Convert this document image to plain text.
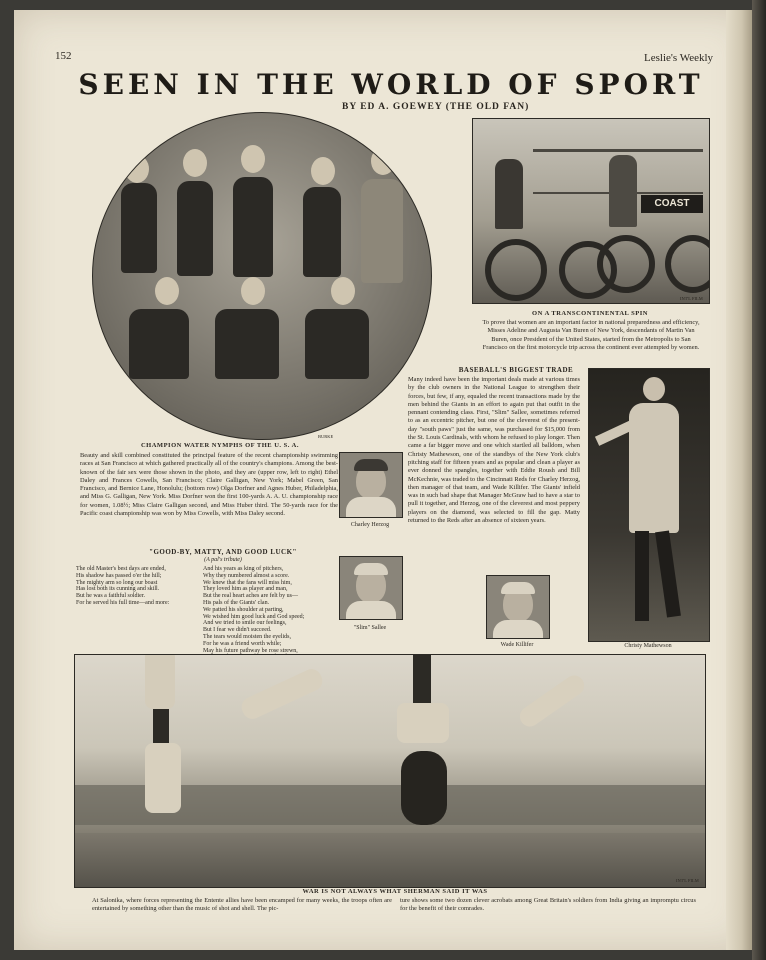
152	Leslie's Weekly
SEEN IN THE WORLD OF SPORT
BY ED A. GOEWEY (THE OLD FAN)
BURKE
CHAMPION WATER NYMPHS OF THE U. S. A.
Beauty and skill combined constituted the principal feature of the recent championship swimming races at San Francisco at which gathered practically all of the country's champions. Among the best-known of the fair sex were those shown in the photo, and they are (upper row, left to right) Ethel Daley and Frances Cowells, San Francisco; Claire Galligan, New York; Mabel Green, San Francisco, and Bernice Lane, Honolulu; (bottom row) Olga Dorfner and Agnes Huber, Philadelphia, and Miss G. Galligan, New York. Miss Dorfner won the first 100-yards A. A. U. championship race for women, 1.08½; Miss Claire Galligan second, and Miss Huber third. The 50-yards race for the Pacific coast championship was won by Miss Cowells, with Miss Daley second.
COAST
INT'L FILM
ON A TRANSCONTINENTAL SPIN
To prove that women are an important factor in national preparedness and efficiency, Misses Adeline and Augusta Van Buren of New York, descendants of Martin Van Buren, once President of the United States, started from the Metropolis to San Francisco on the first motorcycle trip across the continent ever attempted by women.
BASEBALL'S BIGGEST TRADE
Many indeed have been the important deals made at various times by the club owners in the National League to strengthen their forces, but few, if any, equaled the recent transactions made by the men behind the Giants in an effort to again put that outfit in the pennant contending class. First, "Slim" Sallee, sometimes referred to as an eccentric pitcher, but one of the cleverest of the present-day "south paws" just the same, was purchased for $15,000 from the St. Louis Cardinals, with whom he refused to play longer. Then came a far bigger move and one which startled all balldom, when Christy Mathewson, one of the standbys of the New York club's pitching staff for fifteen years and as popular and clean a player as ever donned the spangles, together with Eddie Roush and Bill McKechnie, was traded to the Cincinnati Reds for Charley Herzog, then manager of that team, and Wade Killifer. The Giants' infield was in such bad shape that Manager McGraw had to have a star to pull it together, and Herzog, one of the cleverest and most peppery players on the diamond, was selected to fill the gap. Matty returned to the Reds after an absence of sixteen years.
Christy Mathewson
Charley Herzog
"Slim" Sallee
Wade Killifer
"GOOD-BY, MATTY, AND GOOD LUCK"
(A pal's tribute)
The old Master's best days are ended,
His shadow has passed o'er the hill;
The mighty arm so long our boast
Has lost both its cunning and skill.
But he was a faithful soldier.
For he served his full time—and more:
And his years as king of pitchers,
Why they numbered almost a score.
We knew that the fans will miss him,
They loved him as player and man,
But the real heart aches are felt by us—
His pals of the Giants' clan.
We patted his shoulder at parting,
We wished him good luck and God speed;
And we tried to smile our feelings,
But I fear we didn't succeed.
The tears would moisten the eyelids,
For he was a friend worth while;
May his future pathway be rose strewn,

INT'L FILM
WAR IS NOT ALWAYS WHAT SHERMAN SAID IT WAS
At Salonika, where forces representing the Entente allies have been encamped for many weeks, the troops often are entertained by something other than the music of shot and shell. The pic-
ture shows some two dozen clever acrobats among Great Britain's soldiers from India giving an impromptu circus for the benefit of their comrades.
